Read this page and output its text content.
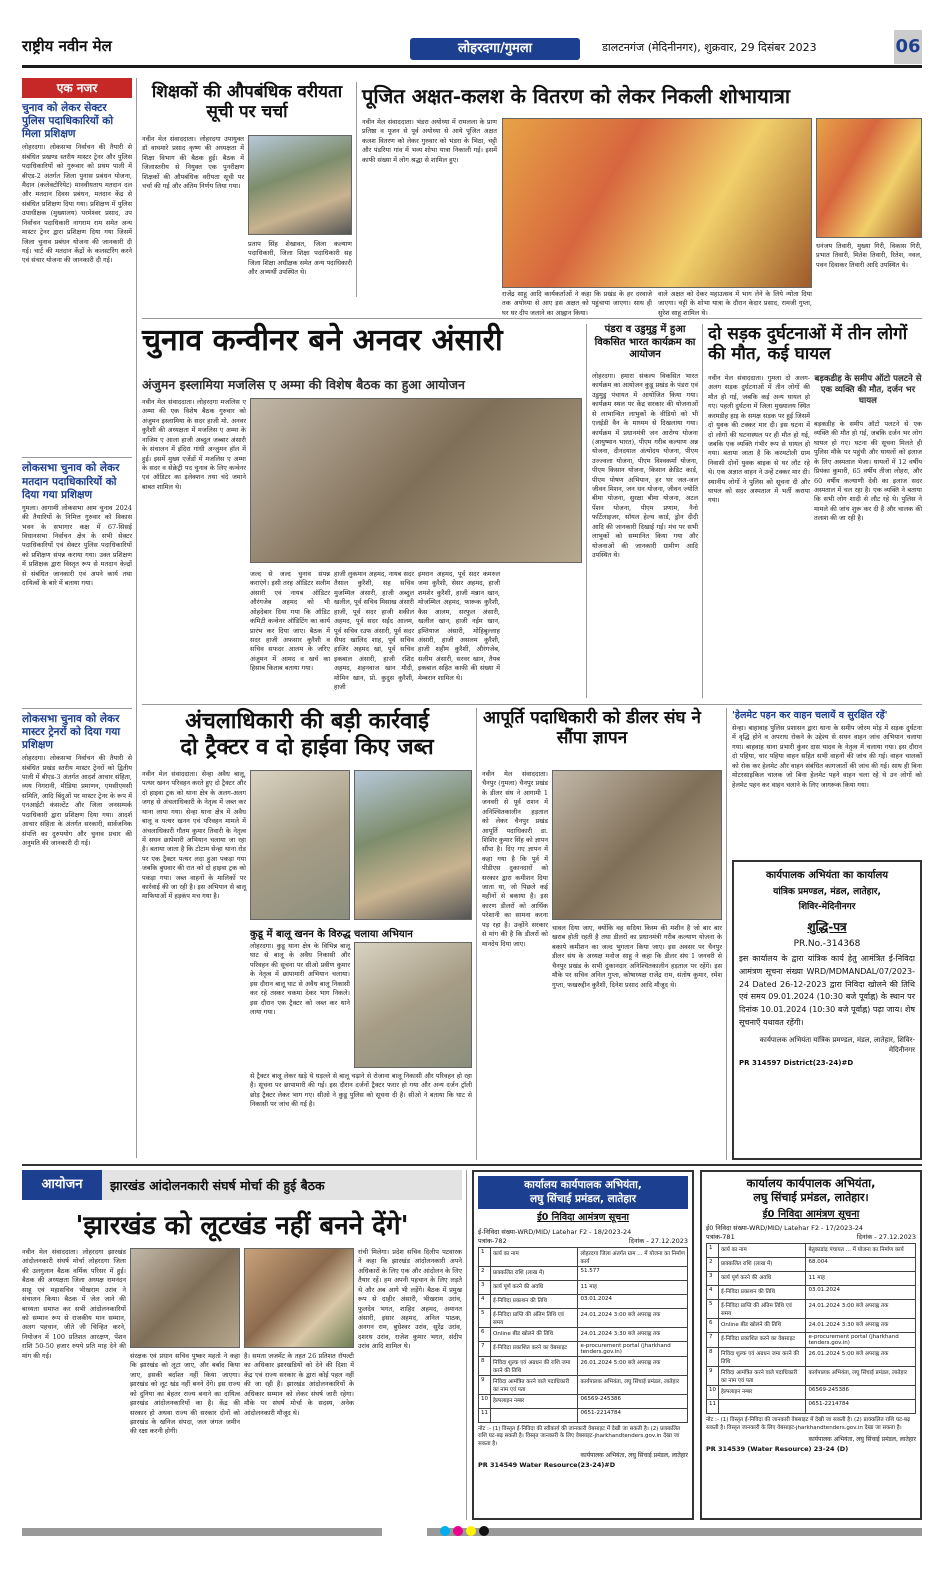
राष्ट्रीय नवीन मेल	लोहरदगा/गुमला	डालटनगंज (मेदिनीनगर), शुक्रवार, 29 दिसंबर 2023	06
एक नजर
चुनाव को लेकर सेक्टर पुलिस पदाधिकारियों को मिला प्रशिक्षण
लोहरदगा। लोकसभा निर्वाचन की तैयारी से संबंधित प्रखण्ड स्तरीय मास्टर ट्रेनर और पुलिस पदाधिकारियों को गुरूवार को प्रथम पाली में बीएड-2 अंतर्गत जिला पुनास प्रबंधन योजना, मैदान (कलेक्टोरियेट) मानवीयताय मतदान दल और मतदान दिवस प्रबंधन, मतदान केंद्र से संबंधित प्रशिक्षण दिया गया। प्रशिक्षण में पुलिस उपाधीक्षक (मुख्यालय) परमेश्वर प्रसाद, उप निर्वाचन पदाधिकारी नागराम राम समेत अन्य मास्टर ट्रेनर द्वारा प्रशिक्षण दिया गया जिसमें जिला चुनाव प्रबंधन योजना की जानकारी दी गई। चार्ट की मतदान केंद्रों के कलस्टरिंग करने एवं संचार योजना की जानकारी दी गई।
लोकसभा चुनाव को लेकर मतदान पदाधिकारियों को दिया गया प्रशिक्षण
गुमला। आगामी लोकसभा आम चुनाव 2024 की तैयारियों के निमित्त गुरुवार को विकास भवन के सभागार कक्ष में 67-सिसई विधानसभा निर्वाचन क्षेत्र के सभी सेक्टर पदाधिकारियों एवं सेक्टर पुलिस पदाधिकारियों को प्रशिक्षण संपन्न कराया गया। उक्त प्रशिक्षण में प्रशिक्षक द्वारा विस्तृत रूप से मतदान केन्द्रों से संबंधित जानकारी एवं अपने कार्य तथा दायित्वों के बारे में बताया गया।
लोकसभा चुनाव को लेकर मास्टर ट्रेनरों को दिया गया प्रशिक्षण
लोहरदगा। लोकसभा निर्वाचन की तैयारी से संबंधित प्रखंड स्तरीय मास्टर ट्रेनरों को द्वितीय पाली में बीएड-3 अंतर्गत आदर्श आचार संहिता, व्यय निगरानी, मीडिया प्रमाणन, एमसीएमसी समिति, आदि बिंदुओं पर मास्टर ट्रेनर के रूप में एनआईटी कंसल्टेंट और जिला जनसम्पर्क पदाधिकारी द्वारा प्रशिक्षण दिया गया। आदर्श आचार संहिता के अंतर्गत सरकारी, सार्वजनिक संपत्ति का दुरुपयोग और चुनाव प्रचार की अनुमति की जानकारी दी गई।
शिक्षकों की औपबंधिक वरीयता सूची पर चर्चा
नवीन मेल संवाददाता। लोहरदगा उपायुक्त डॉ वाघमारे प्रसाद कृष्ण की अध्यक्षता में शिक्षा विभाग की बैठक हुई। बैठक में जिलास्तरीय से नियुक्त एक पुनरीक्षण शिक्षकों की औपबंधिक वरीयता सूची पर चर्चा की गई और अंतिम निर्णय लिया गया।
प्रताप सिंह शेखावत, जिला कल्याण पदाधिकारी, जिला शिक्षा पदाधिकारी सह जिला शिक्षा अधीक्षक समेत अन्य पदाधिकारी और अभ्यर्थी उपस्थित थे।
पूजित अक्षत-कलश के वितरण को लेकर निकली शोभायात्रा
नवीन मेल संवाददाता। भंडरा अयोध्या में रामलला के प्राण प्रतिष्ठा व पूजन से पूर्व अयोध्या से आये पूजित अक्षत कलश वितरण को लेकर गुरुवार को भंडरा के भिठा, चट्टी और पंडरिया गांव में भव्य शोभा यात्रा निकाली गई। इसमें काफी संख्या में लोग श्रद्धा से शामिल हुए।
धनंजय तिवारी, मुख्या गिरी, विकास गिरी, प्रभात तिवारी, मितेश तिवारी, रितेश, नवल, पवन दिवाकर तिवारी आदि उपस्थित थे।
राजेंद्र साहू आदि कार्यकर्ताओं ने कहा कि प्रखंड के हर दरवाजे तक अयोध्या से आए इस अक्षत को पहुंचाया जाएगा। साथ ही घर घर दीप जलाने का आह्वान किया।
वाले अक्षत को देकर महाउत्सव में भाग लेने के लिये न्योता दिया जाएगा। चट्टी के शोभा यात्रा के दौरान केदार प्रसाद, रामजी गुप्ता, सुरेश साहू शामिल थे।
चुनाव कन्वीनर बने अनवर अंसारी
अंजुमन इस्लामिया मजलिस ए अम्मा की विशेष बैठक का हुआ आयोजन
नवीन मेल संवाददाता। लोहरदगा मजलिस ए अम्मा की एक विशेष बैठक गुरुवार को अंजुमन इस्लामिया के सदर हाजी मो. अनवर कुरैशी की अध्यक्षता में मजलिस ए अम्मा के नाजिम ए आला हाजी अब्दुल जब्बार अंसारी के संचालन में इंदिरा गांधी अन्जुमन हॉल में हुई। इसमें मुख्य एजेंडों में मजलिस ए अम्मा के सदर व सेक्रेट्री पद चुनाव के लिए कन्वेनर एवं ऑडिटर का इलेक्शन तथा चंदे जमाने बाबत शामिल थे।
जल्द से जल्द चुनाव संपन्न कराएंगे। इसी तरह ऑडिटर सलीम अंसारी एवं नायब ऑडिटर औरंगजेब अहमद को भी ओहदेबार दिया गया कि ऑडिट कमिटी कन्वेनर ऑडिटिंग का कार्य प्रारंभ कर दिया जाए। बैठक में सदर हाजी अफसार कुरैशी व सचिव सफदर आलम के जरिए अंजुमन में आमद व खर्च का हिसाब किताब बताया गया।
हाजी लुकमान अहमद, नायब सदर तैसाल कुरैशी, सह सचिव मुजम्मिल अंसारी, हाजी अब्दुल खलील, पूर्व सचिव मिसाख अंसारी हाजी, पूर्व सदर हाजी शकील अहमद, पूर्व सदर सईद आलम, पूर्व सचिव रउफ अंसारी, पूर्व सदर सैयद खालिद शाह, पूर्व सचिव हाजिर अहमद खां, पूर्व सचिव इकबाल अंसारी, हाजी रशिद अहमद, शहनवाज खान मौदी, मोमिन खान, प्रो. कुदुस कुरैशी, हाजी
इमरान अहमद, पूर्व सदर कमरुल जमा कुरैशी, सेसर अहमद, हाजी शमशेर कुरैशी, हाजी मन्नान खान, मोजम्मिल अहमद, फारूक कुरैशी, कैस आलम, सरफुल अंसारी, खलील खान, हाजी नईम खान, इम्तियाज अंसारी, मोहिबुल्लाह अंसारी, हाजी असलम कुरैशी, हाजी शहीम कुरैशी, औरंगजेब, सलीम अंसारी, सरवर खान, तैयब इकबाल सहित काफी की संख्या में मेम्बरान शामिल थे।
पंडरा व उडुमुडु में हुआ विकसित भारत कार्यक्रम का आयोजन
लोहरदगा। हमारा संकल्प विकसित भारत कार्यक्रम का आयोजन कुडू प्रखंड के पंडरा एवं उडुमुडु पंचायत में आयोजित किया गया। कार्यक्रम स्थल पर केंद्र सरकार की योजनाओं से लाभान्वित लाभुकों के वीडियो को भी एलईडी वैन के माध्यम से दिखलाया गया। कार्यक्रम में प्रधानमंत्री जन आरोग्य योजना (आयुष्मान भारत), पीएम गरीब कल्याण अन्न योजना, दीनदयाल अंत्योदय योजना, पीएम उज्ज्वला योजना, पीएम विश्वकर्मा योजना, पीएम किसान योजना, किसान क्रेडिट कार्ड, पीएम पोषण अभियान, हर घर जल-जल जीवन मिशन, जन धन योजना, जीवन ज्योति बीमा योजना, सुरक्षा बीमा योजना, अटल पेंशन योजना, पीएम प्रणाम, नैनो फर्टिलाइजर, सॉयल हेल्थ कार्ड, ड्रोन दीदी आदि की जानकारी दिखाई गई। मंच पर सभी लाभुकों को सम्मानित किया गया और योजनाओं की जानकारी ग्रामीण आदि उपस्थित थे।
दो सड़क दुर्घटनाओं में तीन लोगों की मौत, कई घायल
नवीन मेल संवाददाता। गुमला दो अलग-अलग सड़क दुर्घटनाओं में तीन लोगों की मौत हो गई, जबकि कई अन्य घायल हो गए। पहली दुर्घटना में जिला मुख्यालय स्थित करमडीह हाइ के समक्ष सड़क पर हुई जिसमें दो युवक की टक्कर मार दी। इस घटना में दो लोगों की घटनास्थल पर ही मौत हो गई, जबकि एक व्यक्ति गंभीर रूप से घायल हो गया। बताया जाता है कि करमटोली ग्राम निवासी दोनों युवक बाइक से घर लौट रहे थे। एक अज्ञात वाहन ने उन्हें टक्कर मार दी। स्थानीय लोगों ने पुलिस को सूचना दी और घायल को सदर अस्पताल में भर्ती कराया गया।
बड़कडीह के समीप ऑटो पलटने से एक व्यक्ति की मौत, दर्जन भर घायल
बड़कडीह के समीप ऑटो पलटने से एक व्यक्ति की मौत हो गई, जबकि दर्जन भर लोग घायल हो गए। घटना की सूचना मिलते ही पुलिस मौके पर पहुंची और घायलों को इलाज के लिए अस्पताल भेजा। घायलों में 12 वर्षीय प्रियंका कुमारी, 65 वर्षीय तीजा लोहरा, और 60 वर्षीय कल्याणी देवी का इलाज सदर अस्पताल में चल रहा है। एक व्यक्ति ने बताया कि सभी लोग शादी से लौट रहे थे। पुलिस ने मामले की जांच शुरू कर दी है और चालक की तलाश की जा रही है।
अंचलाधिकारी की बड़ी कार्रवाई
दो ट्रैक्टर व दो हाईवा किए जब्त
नवीन मेल संवाददाता। सेन्हा अवैध बालू, पत्थर खनन परिवहन करते हुए दो ट्रैक्टर और दो हाइवा ट्रक को थाना क्षेत्र के अलग-अलग जगह से अंचलाधिकारी के नेतृत्व में जब्त कर थाना लाया गया। सेन्हा थाना क्षेत्र में अवैध बालू व पत्थर खनन एवं परिवहन मामले में अंचलाधिकारी गौतम कुमार तिवारी के नेतृत्व में सघन छापेमारी अभियान चलाया जा रहा है। बताया जाता है कि टोटाम सेन्हा थाना रोड पर एक ट्रैक्टर पत्थर लदा हुआ पकड़ा गया जबकि बुधवार की रात को दो हाइवा ट्रक को पकड़ा गया। जब्त वाहनों के मालिकों पर कार्रवाई की जा रही है। इस अभियान से बालू माफियाओं में हड़कंप मच गया है।
कुडू में बालू खनन के विरुद्ध चलाया अभियान
लोहरदगा। कुडू थाना क्षेत्र के विभिन्न बालू घाट से बालू के अवैध निकासी और परिवहन की सूचना पर सीओ प्रवीण कुमार के नेतृत्व में छापामारी अभियान चलाया। इस दौरान बालू घाट से अवैध बालू निकासी कर रहे तस्कर चकमा देकर भाग निकले। इस दौरान एक ट्रैक्टर को जब्त कर थाने लाया गया।
से ट्रैक्टर बालू लेकर खड़े थे घड़ल्ले से बालू चढ़ाने से रोजाना बालू निकासी और परिवहन हो रहा है। सूचना पर छापामारी की गई। इस दौरान दर्जनों ट्रैक्टर फरार हो गया और अन्य दर्जन ट्रॉली छोड़ ट्रैक्टर लेकर भाग गए। सीओ ने कुडू पुलिस को सूचना दी है। सीओ ने बताया कि घाट से निकासी पर जांच की गई है।
आपूर्ति पदाधिकारी को डीलर संघ ने सौंपा ज्ञापन
नवीन मेल संवाददाता। चैनपुर (गुमला) चैनपुर प्रखंड के डीलर संघ ने आगामी 1 जनवरी से पूर्व राशन में अनिश्चितकालीन हड़ताल को लेकर चैनपुर प्रखंड आपूर्ति पदाधिकारी डा. शिशिर कुमार सिंह को ज्ञापन सौंपा है। दिए गए ज्ञापन में कहा गया है कि पूर्व में पीडीएस दुकानदारों को सरकार द्वारा कमीशन दिया जाता था, जो पिछले कई महीनों से बकाया है। इस कारण डीलरों को आर्थिक परेशानी का सामना करना पड़ रहा है। उन्होंने सरकार से मांग की है कि डीलरों को मानदेय दिया जाए।
चावल दिया जाए, क्योंकि वह सदिया किस्म की मशीन है जो बार बार खराब होती रहती है तथा डीलरों का प्रधानमंत्री गरीब कल्याण योजना के बकाये कमीशन का जल्द भुगतान किया जाए। इस अवसर पर चैनपुर डीलर संघ के अध्यक्ष मनोज साहू ने कहा कि डीलर संघ 1 जनवरी से चैनपुर प्रखंड के सभी दुकानदार अनिश्चितकालीन हड़ताल पर रहेंगे। इस मौके पर सचिव अनिल गुप्ता, कोषाध्यक्ष राजेंद्र राम, संतोष कुमार, रमेश गुप्ता, फखरुद्दीन कुरैशी, दिनेश प्रसाद आदि मौजूद थे।
'हेलमेट पहन कर वाहन चलायें व सुरक्षित रहें'
सेन्हा। बाहावाह पुलिस प्रशासन द्वारा थाना के समीप जोरम मोड़ में सड़क दुर्घटना में वृद्धि होने व अपराध रोकने के उद्देश्य से सघन वाहन जांच अभियान चलाया गया। बाहवाह थाना प्रभारी कुंवर दास यादव के नेतृत्व में चलाया गया। इस दौरान दो पहिया, चार पहिया वाहन सहित सभी वाहनों की जांच की गई। वाहन चालकों को रोक कर हेलमेट और वाहन संबंधित कागजातों की जांच की गई। साथ ही बिना मोटरसाइकिल चालक जो बिना हेलमेट पहने वाहन चला रहे थे उन लोगों को हेलमेट पहन कर वाहन चलाने के लिए जागरूक किया गया।
कार्यपालक अभियंता का कार्यालय
यांत्रिक प्रमण्डल, मंडल, लातेहार,
शिविर-मेदिनीनगर
शुद्धि-पत्र
PR.No.-314368
इस कार्यालय के द्वारा यांत्रिक कार्य हेतु आमंत्रित ई-निविदा आमंत्रण सूचना संख्या WRD/MDMANDAL/07/2023-24 Dated 26-12-2023 द्वारा निविदा खोलने की तिथि एवं समय 09.01.2024 (10:30 बजे पूर्वाह्न) के स्थान पर दिनांक 10.01.2024 (10:30 बजे पूर्वाह्न) पढ़ा जाय। शेष सूचनाएँ यथावत रहेंगी।
कार्यपालक अभियंता यांत्रिक प्रमण्डल, मंडल, लातेहार, शिविर-मेदिनीनगर
PR 314597 District(23-24)#D
आयोजन	झारखंड आंदोलनकारी संघर्ष मोर्चा की हुई बैठक
'झारखंड को लूटखंड नहीं बनने देंगे'
नवीन मेल संवाददाता। लोहरदगा झारखंड आंदोलनकारी संघर्ष मोर्चा लोहरदगा जिला की उलगुलान बैठक वर्मिक परिसर में हुई। बैठक की अध्यक्षता जिला अध्यक्ष रामनंदन साहू एवं महासचिव भीखराम उरांव ने संचालन किया। बैठक में जेल जाने की बाध्यता समाप्त कर सभी आंदोलनकारियों को सम्मान रूप से राजकीय मान सम्मान, अलग पहचान, जीते जी चिन्हित करने, नियोजन में 100 प्रतिशत आरक्षण, पेंशन राशि 50-50 हजार रुपये प्रति माह देने की मांग की गई।	संरक्षक एवं प्रधान सचिव पुष्कर महतो ने कहा कि झारखंड को लूटा जाए, और बर्बाद किया जाए, इसकी बर्दाश्त नहीं किया जाएगा। झारखंड को लूट खंड नहीं बनने देंगे। इस राज्य को दुनिया का बेहतर राज्य बनाने का दायित्व झारखंड आंदोलनकारियों का है। केंद्र की सरकार हो अथवा राज्य की सरकार दोनों को झारखंड के खनिज संपदा, जल जंगल जमीन की रक्षा करनी होगी।
है। समता जजमेंट के तहत 26 प्रतिशत रॉयल्टी का अधिकार झारखंडियों को देने की दिशा में केंद्र एवं राज्य सरकार के द्वारा कोई पहल नहीं की जा रही है। झारखंड आंदोलनकारियों के अधिकार सम्मान को लेकर संघर्ष जारी रहेगा। मौके पर संघर्ष मोर्चा के सदस्य, अनेक आंदोलनकारी मौजूद थे।
रांची मिलेगा। प्रदेश सचिव दिलीप पटवारक ने कहा कि झारखंड आंदोलनकारी अपने अधिकारों के लिए एक और आंदोलन के लिए तैयार रहें। हम अपनी पहचान के लिए लड़ते थे और अब आगे भी लड़ेंगे। बैठक में प्रमुख रूप से दाहीर अंसारी, भीखराम उरांव, फुलदेव भगत, शाहिद अहमद, अमानत अंसारी, इसार अहमद, अनिल पाठक, अनगन राम, बुधेश्वर उरांव, सुरेंद्र उरांव, दशरथ उरांव, राजेश कुमार भगत, संदीप उरांव आदि शामिल थे।
कार्यालय कार्यपालक अभियंता,
लघु सिंचाई प्रमंडल, लातेहार
ई0 निविदा आमंत्रण सूचना
ई-निविदा संख्या-WRD/MID/ Latehar F2 - 18/2023-24
पत्रांक-782	दिनांक - 27.12.2023
1	कार्य का नाम	लोहरदगा जिला अंतर्गत ग्राम ... में योजना का निर्माण कार्य
2	प्राक्कलित राशि (लाख में)	51.577
3	कार्य पूर्ण करने की अवधि	11 माह
4	ई-निविदा प्रकाशन की तिथि	03.01.2024
5	ई-निविदा प्राप्ति की अंतिम तिथि एवं समय	24.01.2024 3:00 बजे अपराह्न तक
6	Online बीड खोलने की तिथि	24.01.2024 3:30 बजे अपराह्न तक
7	ई-निविदा प्रकाशित करने का वेबसाइट	e-procurement portal (jharkhand tenders.gov.in)
8	निविदा शुल्क एवं अग्रधन की राशि जमा करने की तिथि	26.01.2024 5:00 बजे अपराह्न तक
9	निविदा आमंत्रित करने वाले पदाधिकारी का नाम एवं पता	कार्यपालक अभियंता, लघु सिंचाई प्रमंडल, लातेहार
10	हेल्पलाइन नम्बर	06569-245386
11		0651-2214784
नोट :- (1) विस्तृत ई-निविदा की स्वीकार्य की जानकारी वेबसाइट में देखी जा सकती है। (2) प्राक्कलित राशि घट-बढ़ सकती है। विस्तृत जानकारी के लिए वेबसाइट-jharkhandtenders.gov.in देखा जा सकता है।
कार्यपालक अभियंता, लघु सिंचाई प्रमंडल, लातेहार
PR 314549 Water Resource(23-24)#D
कार्यालय कार्यपालक अभियंता,
लघु सिंचाई प्रमंडल, लातेहार।
ई0 निविदा आमंत्रण सूचना
ई0 निविदा संख्या-WRD/MID/ Latehar F2 - 17/2023-24
पत्रांक-781	दिनांक - 27.12.2023
1	कार्य का नाम	बेतुकाडांड़ पंचायत ... में योजना का निर्माण कार्य
2	प्राक्कलित राशि (लाख में)	68.004
3	कार्य पूर्ण करने की अवधि	11 माह
4	ई-निविदा प्रकाशन की तिथि	03.01.2024
5	ई-निविदा प्राप्ति की अंतिम तिथि एवं समय	24.01.2024 3:00 बजे अपराह्न तक
6	Online बीड खोलने की तिथि	24.01.2024 3:30 बजे अपराह्न तक
7	ई-निविदा प्रकाशित करने का वेबसाइट	e-procurement portal (jharkhand tenders.gov.in)
8	निविदा शुल्क एवं अग्रधन जमा करने की तिथि	26.01.2024 5:00 बजे अपराह्न तक
9	निविदा आमंत्रित करने वाले पदाधिकारी का नाम एवं पता	कार्यपालक अभियंता, लघु सिंचाई प्रमंडल, लातेहार
10	हेल्पलाइन नम्बर	06569-245386
11		0651-2214784
नोट :- (1) विस्तृत ई-निविदा की जानकारी वेबसाइट में देखी जा सकती है। (2) प्राक्कलित राशि घट-बढ़ सकती है। विस्तृत जानकारी के लिए वेबसाइट-jharkhandtenders.gov.in देखा जा सकता है।
कार्यपालक अभियंता, लघु सिंचाई प्रमंडल, लातेहार
PR 314539 (Water Resource) 23-24 (D)
